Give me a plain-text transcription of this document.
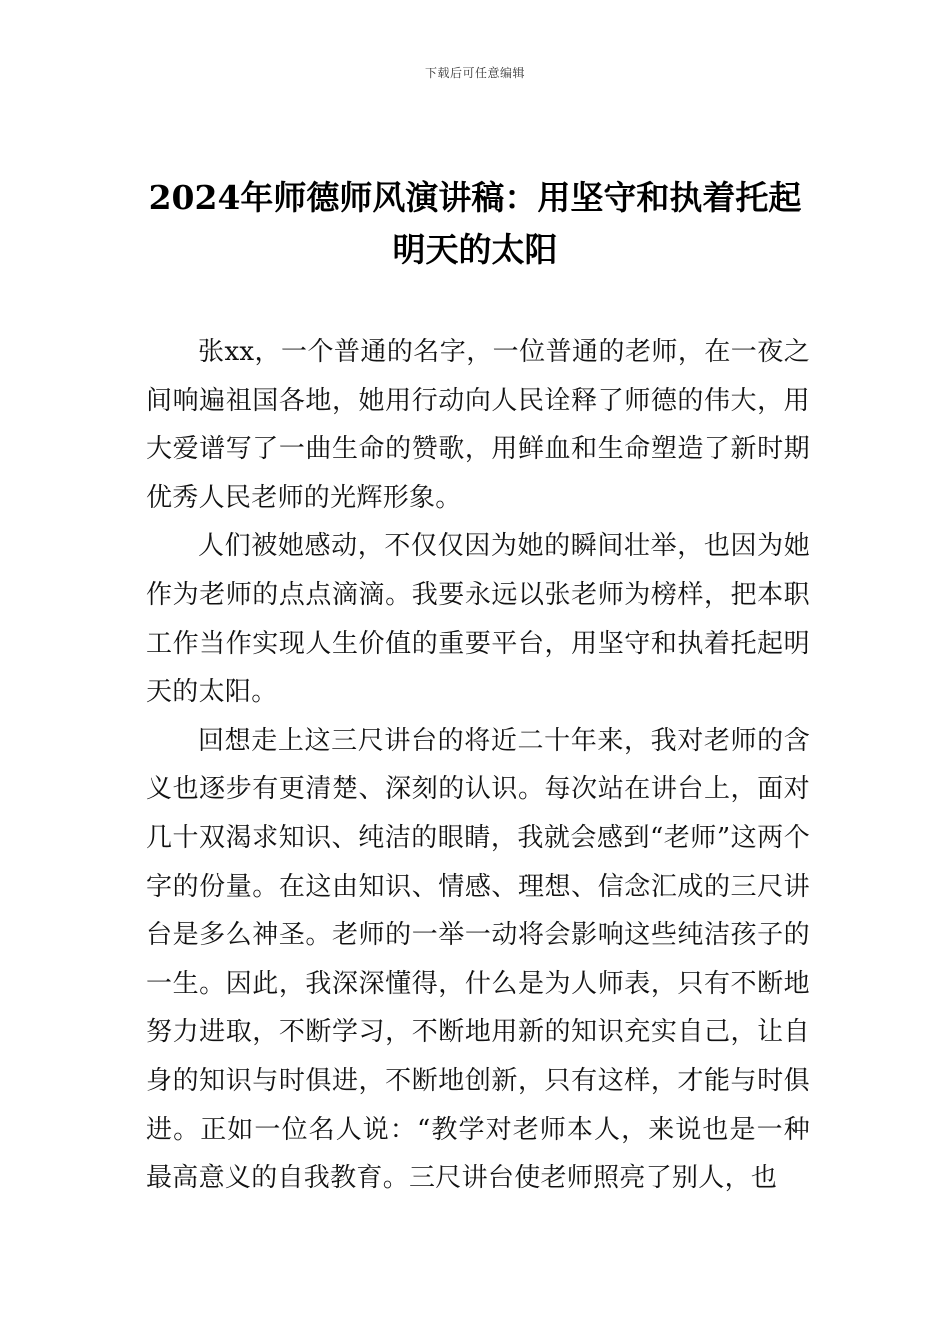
下载后可任意编辑
2024年师德师风演讲稿：用坚守和执着托起明天的太阳

张xx，一个普通的名字，一位普通的老师，在一夜之间响遍祖国各地，她用行动向人民诠释了师德的伟大，用大爱谱写了一曲生命的赞歌，用鲜血和生命塑造了新时期优秀人民老师的光辉形象。

人们被她感动，不仅仅因为她的瞬间壮举，也因为她作为老师的点点滴滴。我要永远以张老师为榜样，把本职工作当作实现人生价值的重要平台，用坚守和执着托起明天的太阳。

回想走上这三尺讲台的将近二十年来，我对老师的含义也逐步有更清楚、深刻的认识。每次站在讲台上，面对几十双渴求知识、纯洁的眼睛，我就会感到“老师”这两个字的份量。在这由知识、情感、理想、信念汇成的三尺讲台是多么神圣。老师的一举一动将会影响这些纯洁孩子的一生。因此，我深深懂得，什么是为人师表，只有不断地努力进取，不断学习，不断地用新的知识充实自己，让自身的知识与时俱进，不断地创新，只有这样，才能与时俱进。正如一位名人说：“教学对老师本人，来说也是一种最高意义的自我教育。三尺讲台使老师照亮了别人，也
